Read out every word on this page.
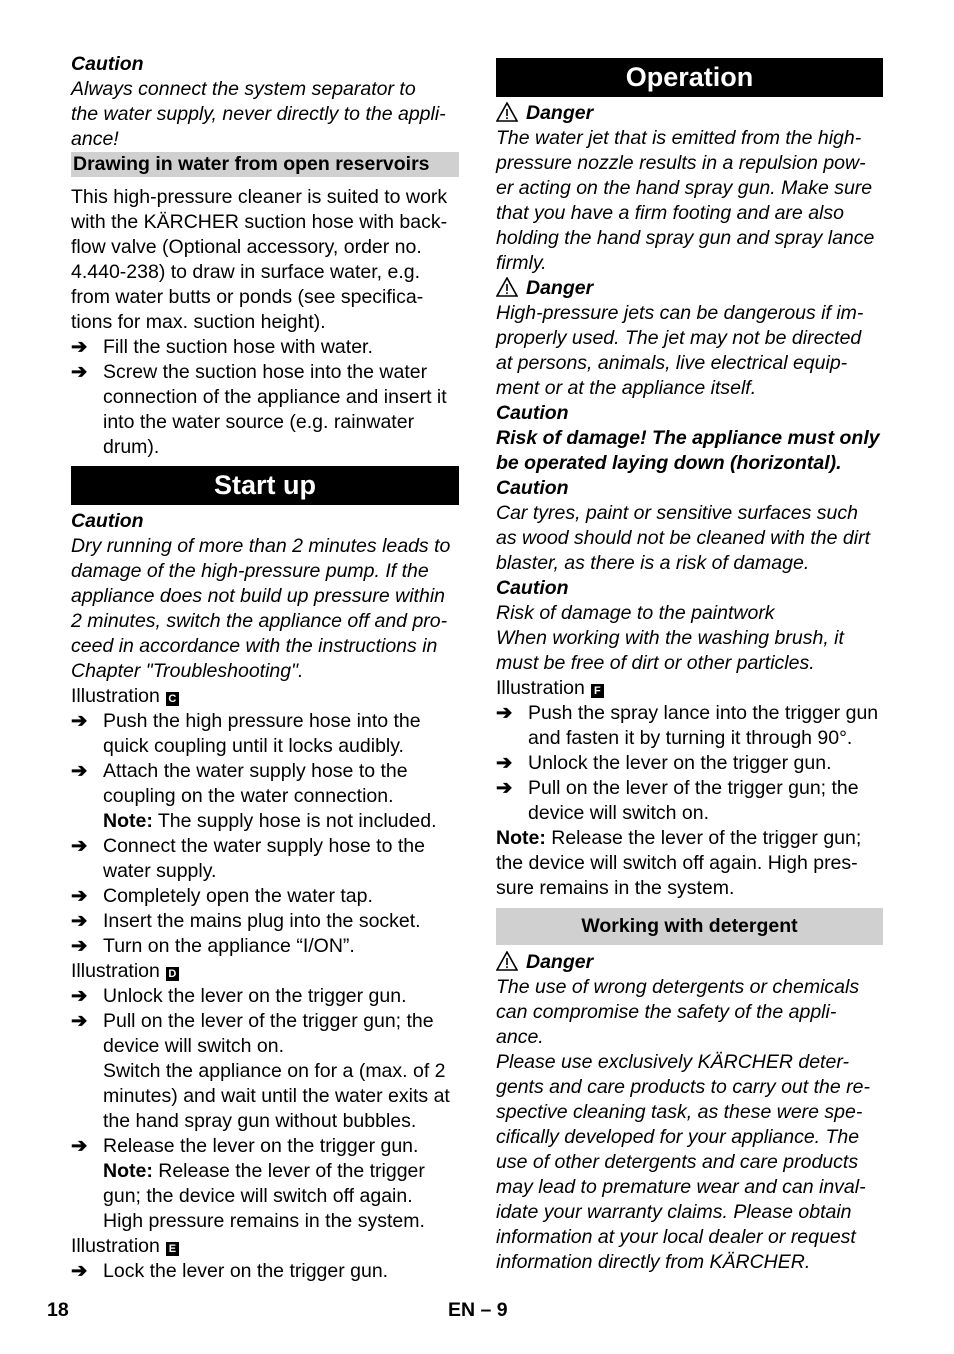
Caution

Always connect the system separator to

the water supply, never directly to the appli-

ance!

Drawing in water from open reservoirs

This high-pressure cleaner is suited to work

with the KÄRCHER suction hose with back-

flow valve (Optional accessory, order no.

4.440-238) to draw in surface water, e.g.

from water butts or ponds (see specifica-

tions for max. suction height).

➔ Fill the suction hose with water.

➔ Screw the suction hose into the water

connection of the appliance and insert it

into the water source (e.g. rainwater

drum).

Start up

Caution

Dry running of more than 2 minutes leads to

damage of the high-pressure pump. If the

appliance does not build up pressure within

2 minutes, switch the appliance off and pro-

ceed in accordance with the instructions in

Chapter "Troubleshooting".

Illustration C

➔ Push the high pressure hose into the

quick coupling until it locks audibly.

➔ Attach the water supply hose to the

coupling on the water connection.

Note: The supply hose is not included.

➔ Connect the water supply hose to the

water supply.

➔ Completely open the water tap.

➔ Insert the mains plug into the socket.

➔ Turn on the appliance “I/ON”.

Illustration D

➔ Unlock the lever on the trigger gun.

➔ Pull on the lever of the trigger gun; the

device will switch on.

Switch the appliance on for a (max. of 2

minutes) and wait until the water exits at

the hand spray gun without bubbles.

➔ Release the lever on the trigger gun.

Note: Release the lever of the trigger

gun; the device will switch off again.

High pressure remains in the system.

Illustration E

➔ Lock the lever on the trigger gun.

Operation

Danger

The water jet that is emitted from the high-

pressure nozzle results in a repulsion pow-

er acting on the hand spray gun. Make sure

that you have a firm footing and are also

holding the hand spray gun and spray lance

firmly.

Danger

High-pressure jets can be dangerous if im-

properly used. The jet may not be directed

at persons, animals, live electrical equip-

ment or at the appliance itself.

Caution

Risk of damage! The appliance must only

be operated laying down (horizontal).

Caution

Car tyres, paint or sensitive surfaces such

as wood should not be cleaned with the dirt

blaster, as there is a risk of damage.

Caution

Risk of damage to the paintwork

When working with the washing brush, it

must be free of dirt or other particles.

Illustration F

➔ Push the spray lance into the trigger gun

and fasten it by turning it through 90°.

➔ Unlock the lever on the trigger gun.

➔ Pull on the lever of the trigger gun; the

device will switch on.

Note: Release the lever of the trigger gun;

the device will switch off again. High pres-

sure remains in the system.

Working with detergent

Danger

The use of wrong detergents or chemicals

can compromise the safety of the appli-

ance.

Please use exclusively KÄRCHER deter-

gents and care products to carry out the re-

spective cleaning task, as these were spe-

cifically developed for your appliance. The

use of other detergents and care products

may lead to premature wear and can inval-

idate your warranty claims. Please obtain

information at your local dealer or request

information directly from KÄRCHER.

18	EN – 9
